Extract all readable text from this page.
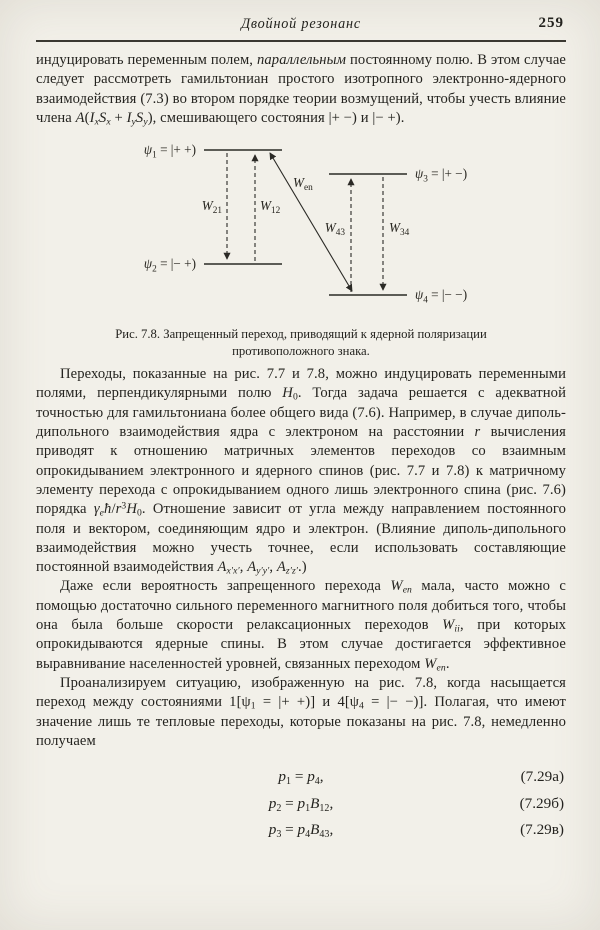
Двойной резонанс	259

индуцировать переменным полем, параллельным постоянному полю. В этом случае следует рассмотреть гамильтониан простого изотропного электронно-ядерного взаимодействия (7.3) во втором порядке теории возмущений, чтобы учесть влияние члена $A(I_xS_x + I_yS_y)$, смешивающего состояния |+ −) и |− +).

$\psi_1$ = |+ +)
$\psi_2$ = |− +)
$\psi_3$ = |+ −)
$\psi_4$ = |− −)
$W_{21}$	$W_{12}$
$W_{en}$
$W_{43}$	$W_{34}$
Рис. 7.8. Запрещенный переход, приводящий к ядерной поляризации противоположного знака.

Переходы, показанные на рис. 7.7 и 7.8, можно индуцировать переменными полями, перпендикулярными полю $H_0$. Тогда задача решается с адекватной точностью для гамильтониана более общего вида (7.6). Например, в случае диполь-дипольного взаимодействия ядра с электроном на расстоянии r вычисления приводят к отношению матричных элементов переходов со взаимным опрокидыванием электронного и ядерного спинов (рис. 7.7 и 7.8) к матричному элементу перехода с опрокидыванием одного лишь электронного спина (рис. 7.6) порядка $\gamma_eħ/r^3H_0$. Отношение зависит от угла между направлением постоянного поля и вектором, соединяющим ядро и электрон. (Влияние диполь-дипольного взаимодействия можно учесть точнее, если использовать составляющие постоянной взаимодействия $A_{x'x'}$, $A_{y'y'}$, $A_{z'z'}$.)

Даже если вероятность запрещенного перехода $W_{en}$ мала, часто можно с помощью достаточно сильного переменного магнитного поля добиться того, чтобы она была больше скорости релаксационных переходов $W_{ii}$, при которых опрокидываются ядерные спины. В этом случае достигается эффективное выравнивание населенностей уровней, связанных переходом $W_{en}$.

Проанализируем ситуацию, изображенную на рис. 7.8, когда насыщается переход между состояниями $1[\psi_1$ = |+ +)] и $4[\psi_4$ = |− −)]. Полагая, что имеют значение лишь те тепловые переходы, которые показаны на рис. 7.8, немедленно получаем

$p_1 = p_4$,	(7.29а)
$p_2 = p_1B_{12}$,	(7.29б)
$p_3 = p_4B_{43}$,	(7.29в)
